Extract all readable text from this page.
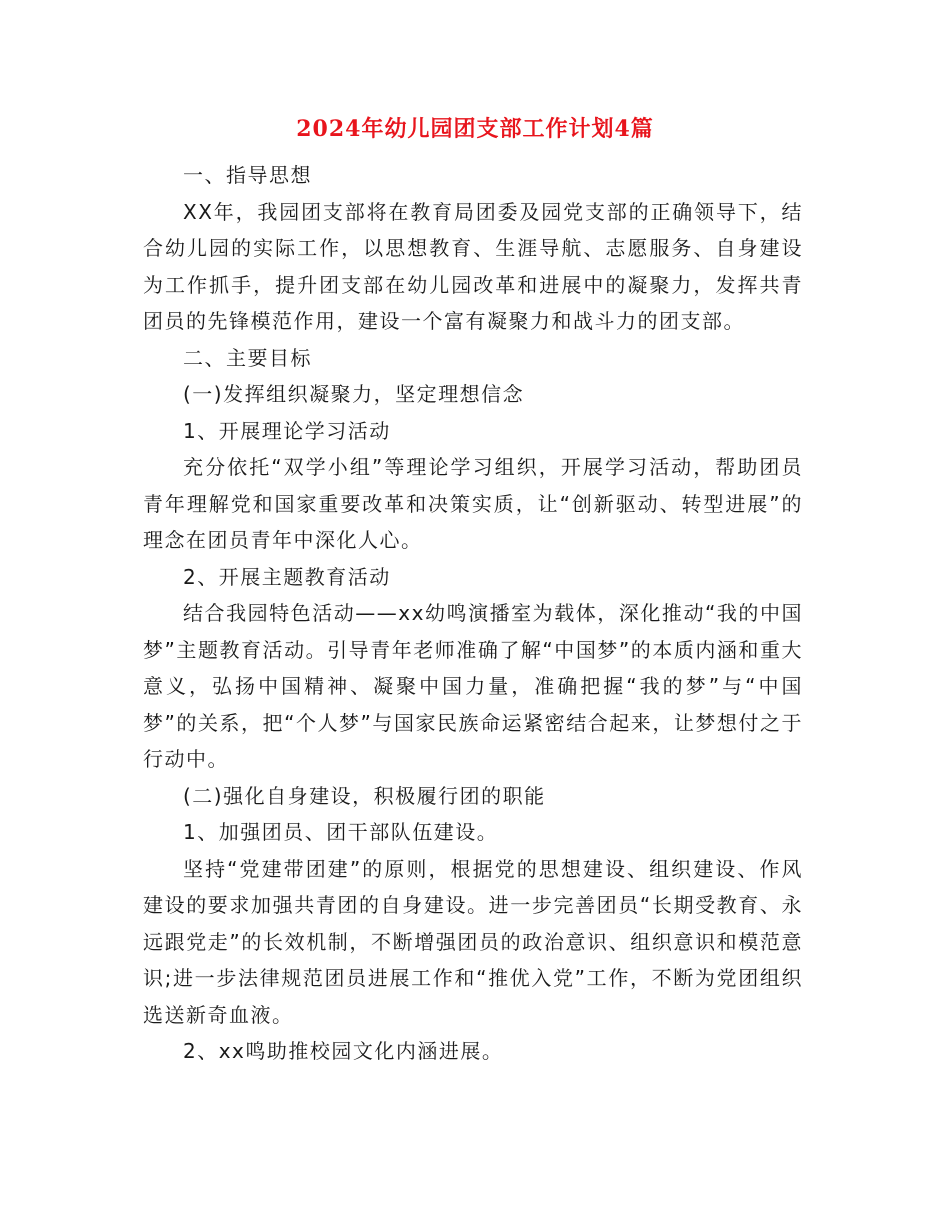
2024年幼儿园团支部工作计划4篇

一、指导思想

XX年，我园团支部将在教育局团委及园党支部的正确领导下，结合幼儿园的实际工作，以思想教育、生涯导航、志愿服务、自身建设为工作抓手，提升团支部在幼儿园改革和进展中的凝聚力，发挥共青团员的先锋模范作用，建设一个富有凝聚力和战斗力的团支部。

二、主要目标

(一)发挥组织凝聚力，坚定理想信念

1、开展理论学习活动

充分依托“双学小组”等理论学习组织，开展学习活动，帮助团员青年理解党和国家重要改革和决策实质，让“创新驱动、转型进展”的理念在团员青年中深化人心。

2、开展主题教育活动

结合我园特色活动——xx幼鸣演播室为载体，深化推动“我的中国梦”主题教育活动。引导青年老师准确了解“中国梦”的本质内涵和重大意义，弘扬中国精神、凝聚中国力量，准确把握“我的梦”与“中国梦”的关系，把“个人梦”与国家民族命运紧密结合起来，让梦想付之于行动中。

(二)强化自身建设，积极履行团的职能

1、加强团员、团干部队伍建设。

坚持“党建带团建”的原则，根据党的思想建设、组织建设、作风建设的要求加强共青团的自身建设。进一步完善团员“长期受教育、永远跟党走”的长效机制，不断增强团员的政治意识、组织意识和模范意识;进一步法律规范团员进展工作和“推优入党”工作，不断为党团组织选送新奇血液。

2、xx鸣助推校园文化内涵进展。
